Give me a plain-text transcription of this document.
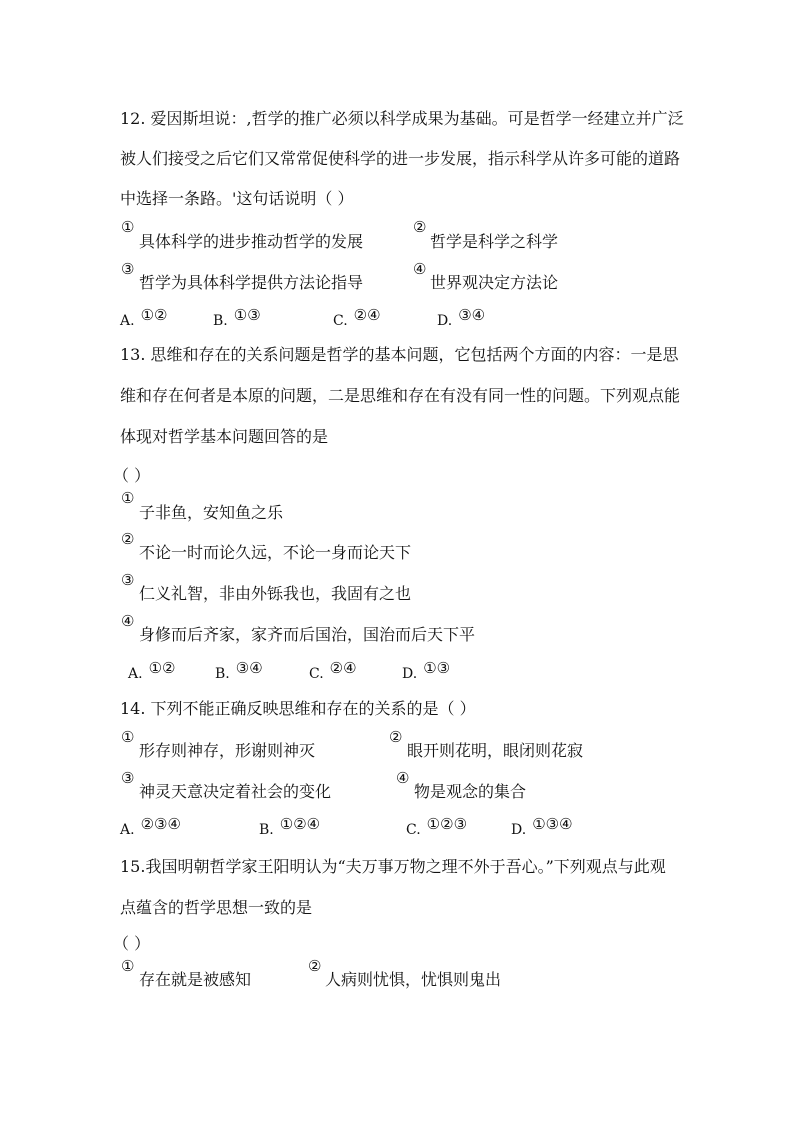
12. 爱因斯坦说：,哲学的推广必须以科学成果为基础。可是哲学一经建立并广泛
被人们接受之后它们又常常促使科学的进一步发展，指示科学从许多可能的道路
中选择一条路。'这句话说明（ ）
①
具体科学的进步推动哲学的发展
②
哲学是科学之科学
③
哲学为具体科学提供方法论指导
④
世界观决定方法论
A. ①②	B. ①③	C. ②④	D. ③④
13. 思维和存在的关系问题是哲学的基本问题，它包括两个方面的内容：一是思
维和存在何者是本原的问题，二是思维和存在有没有同一性的问题。下列观点能
体现对哲学基本问题回答的是
（ ）
①
子非鱼，安知鱼之乐
②
不论一时而论久远，不论一身而论天下
③
仁义礼智，非由外铄我也，我固有之也
④
身修而后齐家，家齐而后国治，国治而后天下平
A. ①②	B. ③④	C. ②④	D. ①③
14. 下列不能正确反映思维和存在的关系的是（ ）
①
形存则神存，形谢则神灭
②
眼开则花明，眼闭则花寂
③
神灵天意决定着社会的变化
④
物是观念的集合
A. ②③④	B. ①②④	C. ①②③	D. ①③④
15.我国明朝哲学家王阳明认为“夫万事万物之理不外于吾心。”下列观点与此观
点蕴含的哲学思想一致的是
（ ）
①
存在就是被感知
②
人病则忧惧，忧惧则鬼出
